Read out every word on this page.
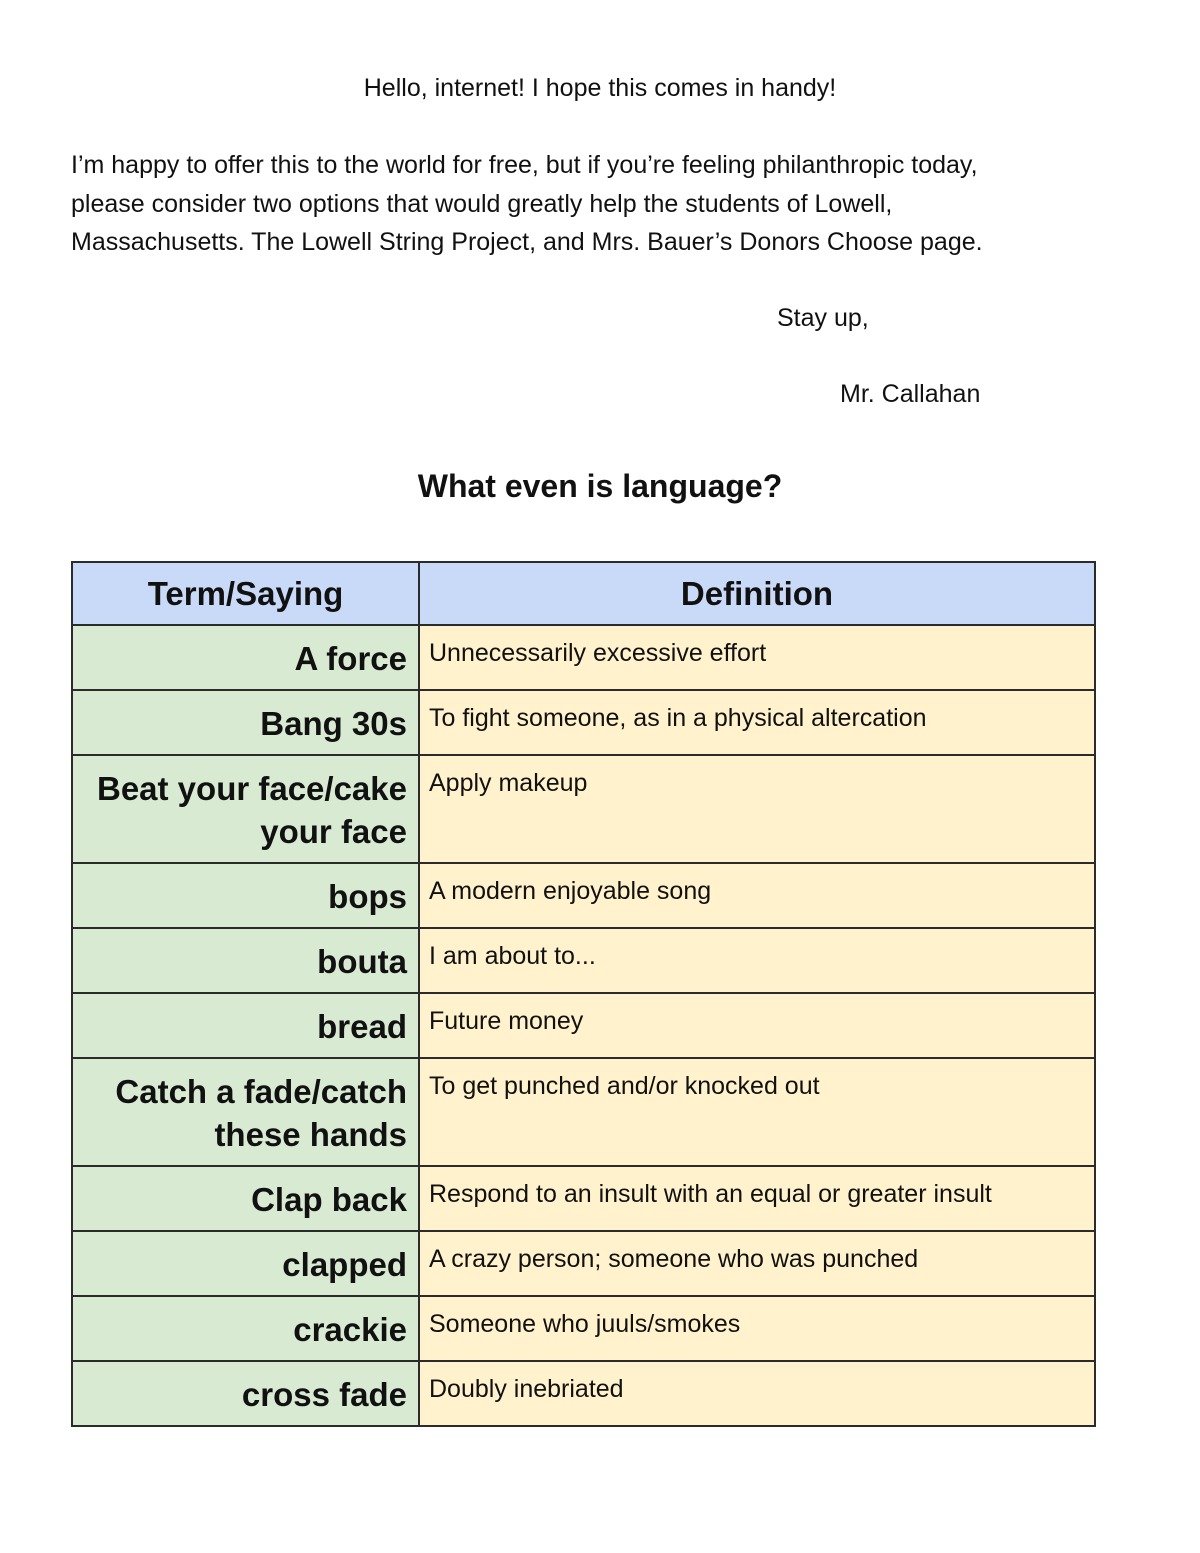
Hello, internet! I hope this comes in handy!

I’m happy to offer this to the world for free, but if you’re feeling philanthropic today,
please consider two options that would greatly help the students of Lowell,
Massachusetts. The Lowell String Project, and Mrs. Bauer’s Donors Choose page.

Stay up,
Mr. Callahan
What even is language?
Term/Saying	Definition
A force	Unnecessarily excessive effort
Bang 30s	To fight someone, as in a physical altercation
Beat your face/cake your face	Apply makeup
bops	A modern enjoyable song
bouta	I am about to...
bread	Future money
Catch a fade/catch these hands	To get punched and/or knocked out
Clap back	Respond to an insult with an equal or greater insult
clapped	A crazy person; someone who was punched
crackie	Someone who juuls/smokes
cross fade	Doubly inebriated
